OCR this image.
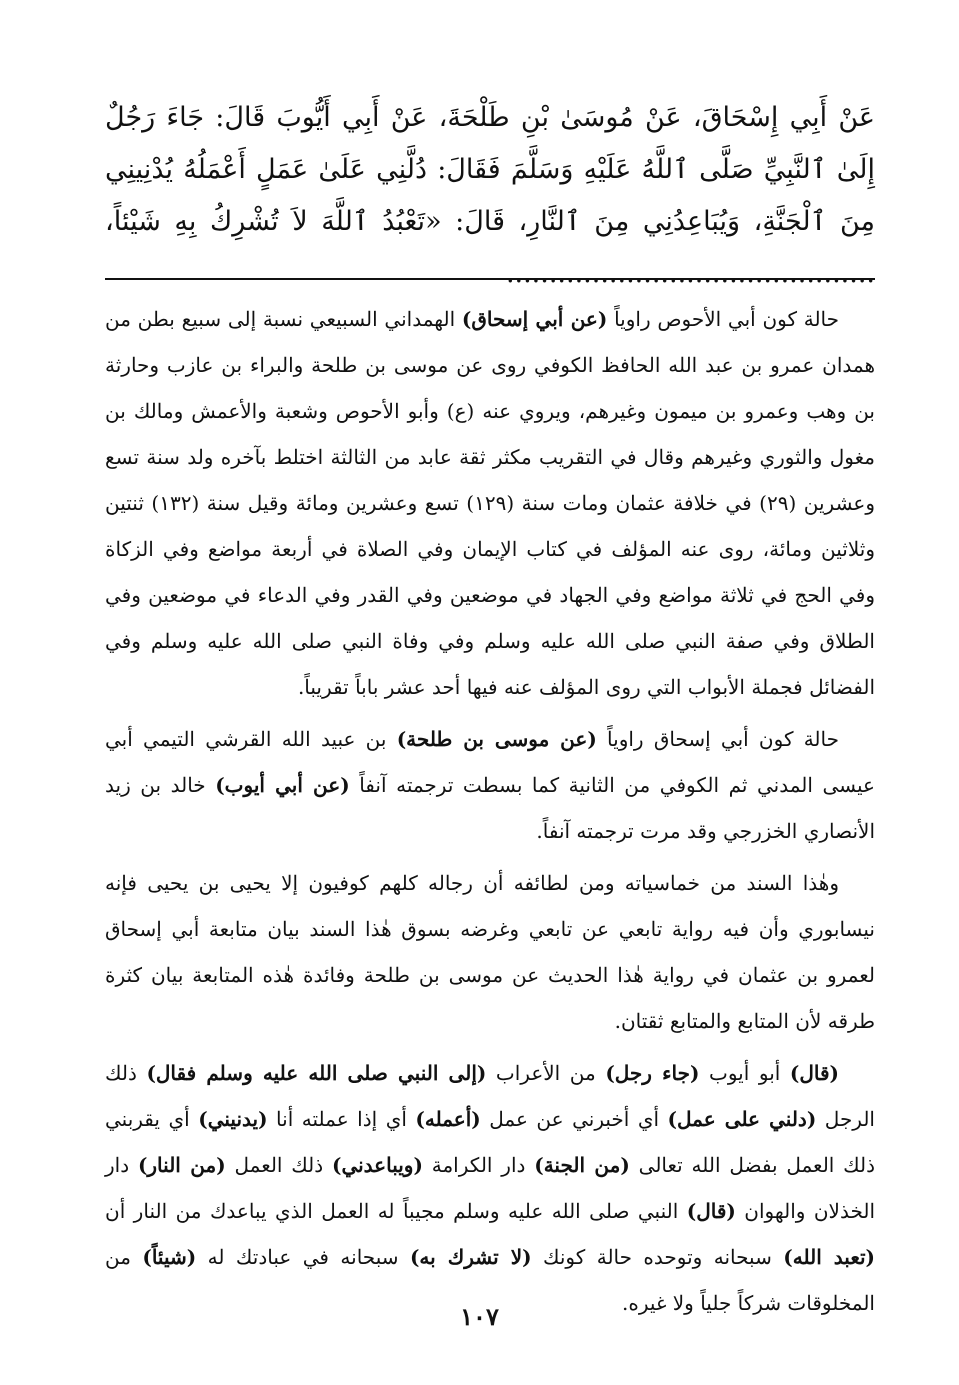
عَنْ أَبِي إِسْحَاقَ، عَنْ مُوسَىٰ بْنِ طَلْحَةَ، عَنْ أَبِي أَيُّوبَ قَالَ: جَاءَ رَجُلٌ إِلَىٰ ٱلنَّبِيِّ صَلَّى ٱللَّهُ عَلَيْهِ وَسَلَّمَ فَقَالَ: دُلَّنِي عَلَىٰ عَمَلٍ أَعْمَلُهُ يُدْنِينِي مِنَ ٱلْجَنَّةِ، وَيُبَاعِدُنِي مِنَ ٱلنَّارِ، قَالَ: «تَعْبُدُ ٱللَّهَ لاَ تُشْرِكُ بِهِ شَيْئاً، ...........................................

حالة كون أبي الأحوص راوياً (عن أبي إسحاق) الهمداني السبيعي نسبة إلى سبيع بطن من همدان عمرو بن عبد الله الحافظ الكوفي روى عن موسى بن طلحة والبراء بن عازب وحارثة بن وهب وعمرو بن ميمون وغيرهم، ويروي عنه (ع) وأبو الأحوص وشعبة والأعمش ومالك بن مغول والثوري وغيرهم وقال في التقريب مكثر ثقة عابد من الثالثة اختلط بآخره ولد سنة تسع وعشرين (٢٩) في خلافة عثمان ومات سنة (١٢٩) تسع وعشرين ومائة وقيل سنة (١٣٢) ثنتين وثلاثين ومائة، روى عنه المؤلف في كتاب الإيمان وفي الصلاة في أربعة مواضع وفي الزكاة وفي الحج في ثلاثة مواضع وفي الجهاد في موضعين وفي القدر وفي الدعاء في موضعين وفي الطلاق وفي صفة النبي صلى الله عليه وسلم وفي وفاة النبي صلى الله عليه وسلم وفي الفضائل فجملة الأبواب التي روى المؤلف عنه فيها أحد عشر باباً تقريباً.

حالة كون أبي إسحاق راوياً (عن موسى بن طلحة) بن عبيد الله القرشي التيمي أبي عيسى المدني ثم الكوفي من الثانية كما بسطت ترجمته آنفاً (عن أبي أيوب) خالد بن زيد الأنصاري الخزرجي وقد مرت ترجمته آنفاً.

وهٰذا السند من خماسياته ومن لطائفه أن رجاله كلهم كوفيون إلا يحيى بن يحيى فإنه نيسابوري وأن فيه رواية تابعي عن تابعي وغرضه بسوق هٰذا السند بيان متابعة أبي إسحاق لعمرو بن عثمان في رواية هٰذا الحديث عن موسى بن طلحة وفائدة هٰذه المتابعة بيان كثرة طرقه لأن المتابع والمتابع ثقتان.

(قال) أبو أيوب (جاء رجل) من الأعراب (إلى النبي صلى الله عليه وسلم فقال) ذلك الرجل (دلني على عمل) أي أخبرني عن عمل (أعمله) أي إذا عملته أنا (يدنيني) أي يقربني ذلك العمل بفضل الله تعالى (من الجنة) دار الكرامة (ويباعدني) ذلك العمل (من النار) دار الخذلان والهوان (قال) النبي صلى الله عليه وسلم مجيباً له العمل الذي يباعدك من النار أن (تعبد الله) سبحانه وتوحده حالة كونك (لا تشرك به) سبحانه في عبادتك له (شيئاً) من المخلوقات شركاً جلياً ولا غيره.

١٠٧
